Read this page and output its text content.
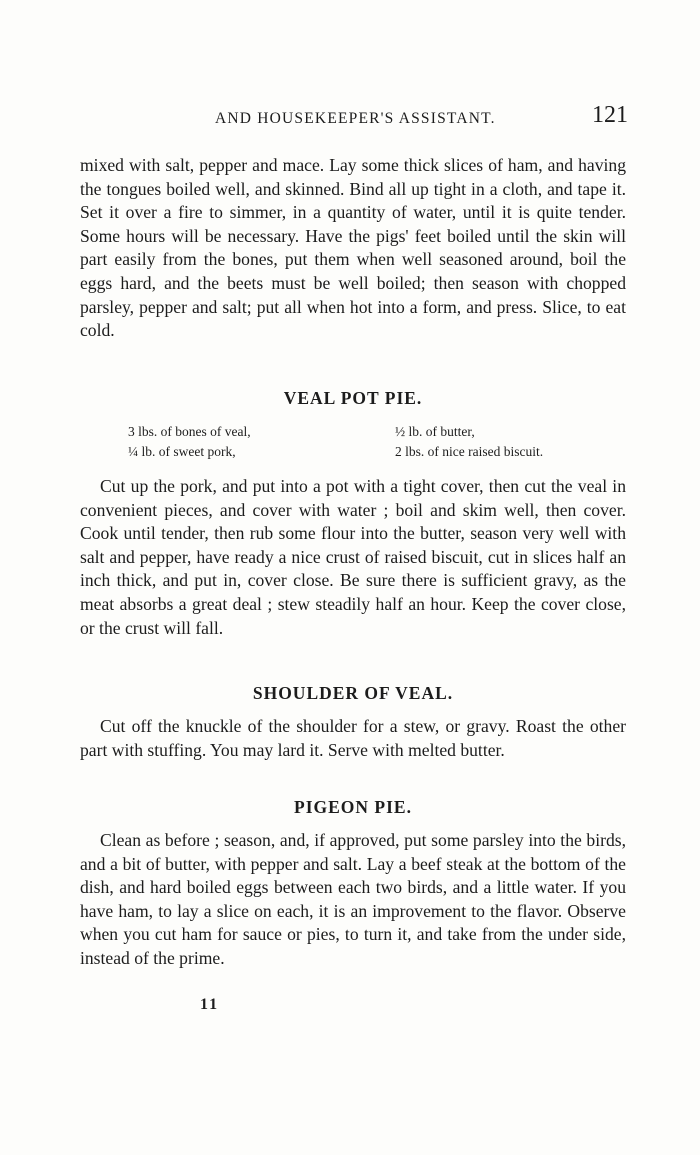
AND HOUSEKEEPER'S ASSISTANT.	121

mixed with salt, pepper and mace. Lay some thick slices of ham, and having the tongues boiled well, and skinned. Bind all up tight in a cloth, and tape it. Set it over a fire to simmer, in a quantity of water, until it is quite tender. Some hours will be necessary. Have the pigs' feet boiled until the skin will part easily from the bones, put them when well seasoned around, boil the eggs hard, and the beets must be well boiled; then season with chopped parsley, pepper and salt; put all when hot into a form, and press. Slice, to eat cold.

VEAL POT PIE.
3 lbs. of bones of veal,	½ lb. of butter,
¼ lb. of sweet pork,	2 lbs. of nice raised biscuit.

Cut up the pork, and put into a pot with a tight cover, then cut the veal in convenient pieces, and cover with water ; boil and skim well, then cover. Cook until tender, then rub some flour into the butter, season very well with salt and pepper, have ready a nice crust of raised biscuit, cut in slices half an inch thick, and put in, cover close. Be sure there is sufficient gravy, as the meat absorbs a great deal ; stew steadily half an hour. Keep the cover close, or the crust will fall.

SHOULDER OF VEAL.

Cut off the knuckle of the shoulder for a stew, or gravy. Roast the other part with stuffing. You may lard it. Serve with melted butter.

PIGEON PIE.

Clean as before ; season, and, if approved, put some parsley into the birds, and a bit of butter, with pepper and salt. Lay a beef steak at the bottom of the dish, and hard boiled eggs between each two birds, and a little water. If you have ham, to lay a slice on each, it is an improvement to the flavor. Observe when you cut ham for sauce or pies, to turn it, and take from the under side, instead of the prime.

11
